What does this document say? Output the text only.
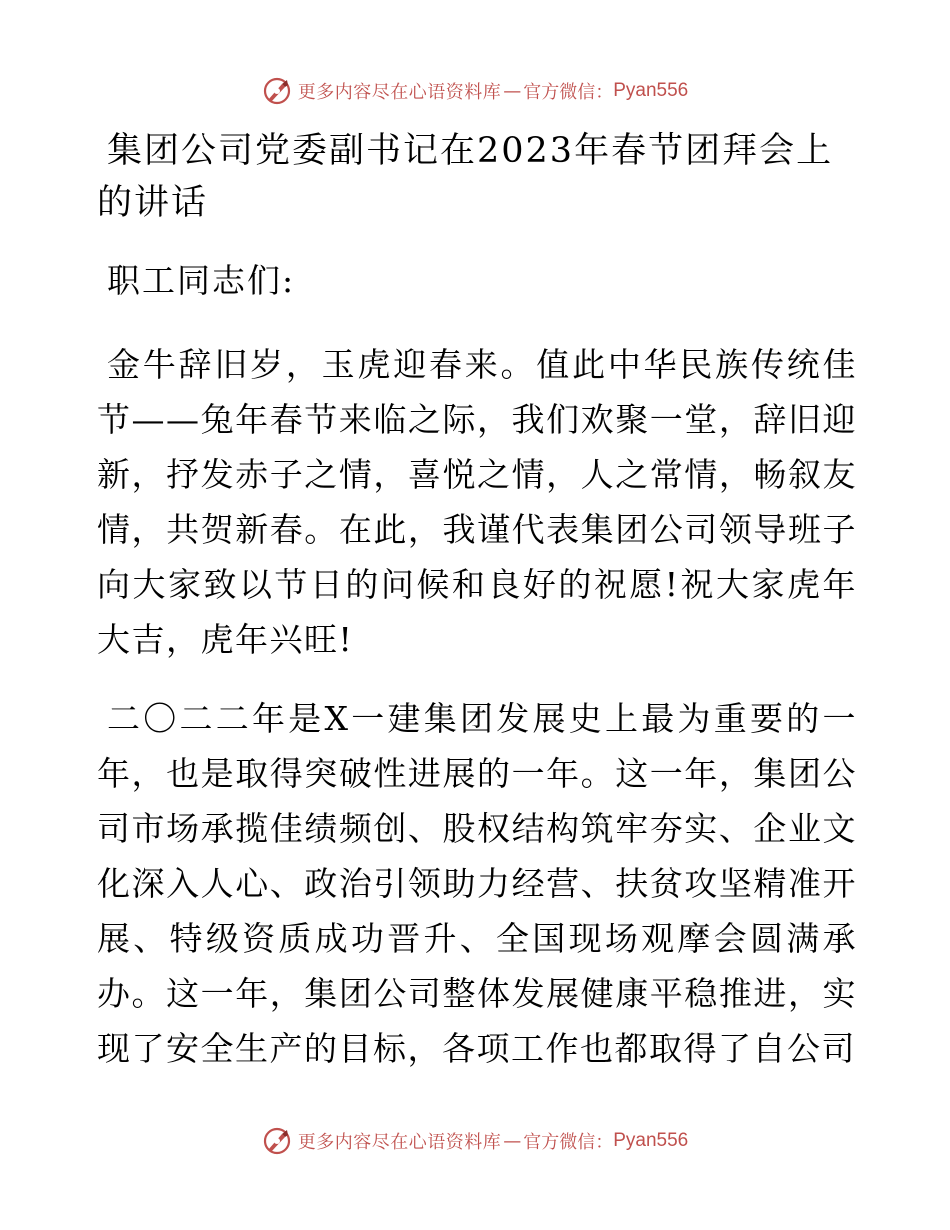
更多内容尽在心语资料库 — 官方微信： Pyan556
集团公司党委副书记在2023年春节团拜会上的讲话
职工同志们:
金牛辞旧岁，玉虎迎春来。值此中华民族传统佳节——兔年春节来临之际，我们欢聚一堂，辞旧迎新，抒发赤子之情，喜悦之情，人之常情，畅叙友情，共贺新春。在此，我谨代表集团公司领导班子向大家致以节日的问候和良好的祝愿!祝大家虎年大吉，虎年兴旺!
二〇二二年是X一建集团发展史上最为重要的一年，也是取得突破性进展的一年。这一年，集团公司市场承揽佳绩频创、股权结构筑牢夯实、企业文化深入人心、政治引领助力经营、扶贫攻坚精准开展、特级资质成功晋升、全国现场观摩会圆满承办。这一年，集团公司整体发展健康平稳推进，实现了安全生产的目标，各项工作也都取得了自公司
更多内容尽在心语资料库 — 官方微信： Pyan556
